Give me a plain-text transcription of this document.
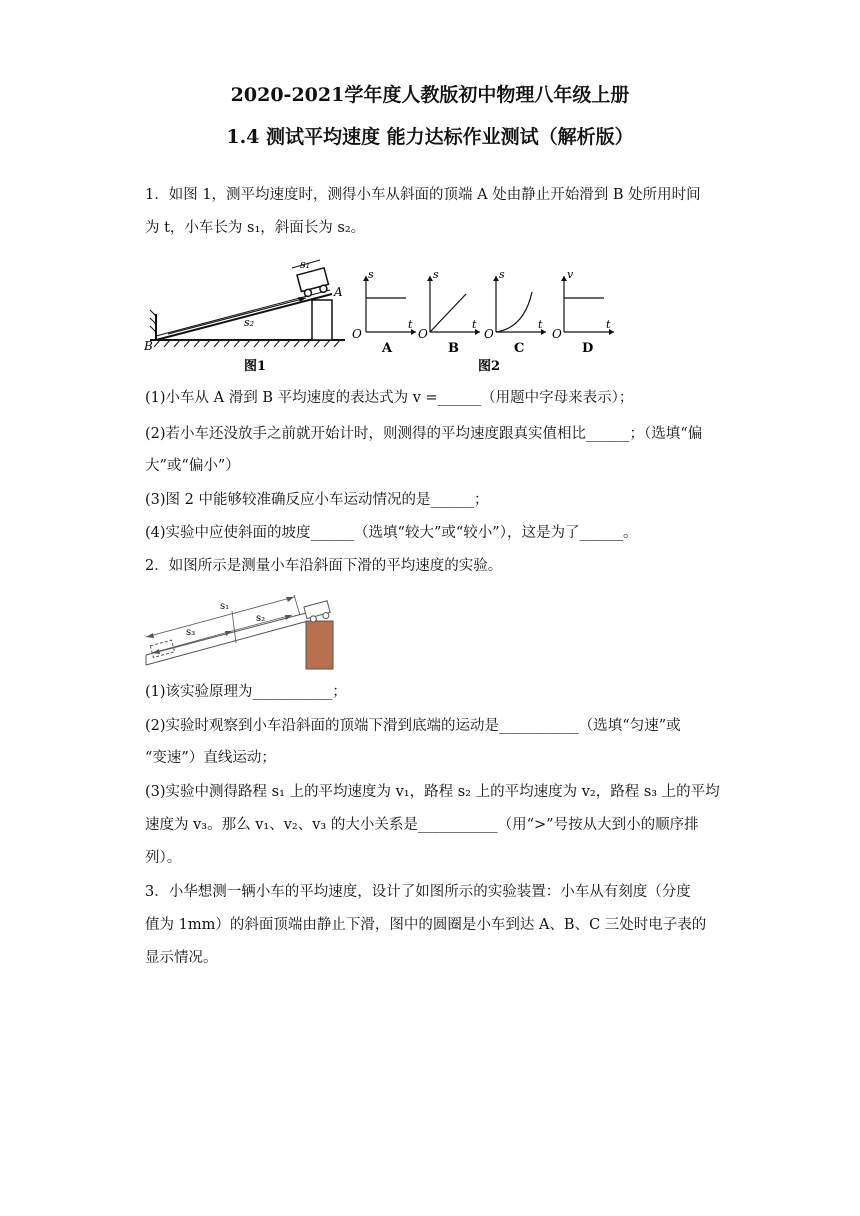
2020-2021学年度人教版初中物理八年级上册
1.4 测试平均速度 能力达标作业测试（解析版）
1．如图 1，测平均速度时，测得小车从斜面的顶端 A 处由静止开始滑到 B 处所用时间
为 t，小车长为 s₁，斜面长为 s₂。
s₁
s₂
A
B
图1
s
t
O
A
s
t
O
B
s
t
O
C
v
t
O
D
图2
(1)小车从 A 滑到 B 平均速度的表达式为 v =______（用题中字母来表示）；
(2)若小车还没放手之前就开始计时，则测得的平均速度跟真实值相比______；（选填“偏
大”或“偏小”）
(3)图 2 中能够较准确反应小车运动情况的是______；
(4)实验中应使斜面的坡度______（选填“较大”或“较小”），这是为了______。
2．如图所示是测量小车沿斜面下滑的平均速度的实验。
s₁
s₃
s₂
(1)该实验原理为___________；
(2)实验时观察到小车沿斜面的顶端下滑到底端的运动是___________（选填“匀速”或
“变速”）直线运动；
(3)实验中测得路程 s₁ 上的平均速度为 v₁，路程 s₂ 上的平均速度为 v₂，路程 s₃ 上的平均
速度为 v₃。那么 v₁、v₂、v₃ 的大小关系是___________（用“>”号按从大到小的顺序排
列）。
3．小华想测一辆小车的平均速度，设计了如图所示的实验装置：小车从有刻度（分度
值为 1mm）的斜面顶端由静止下滑，图中的圆圈是小车到达 A、B、C 三处时电子表的
显示情况。
